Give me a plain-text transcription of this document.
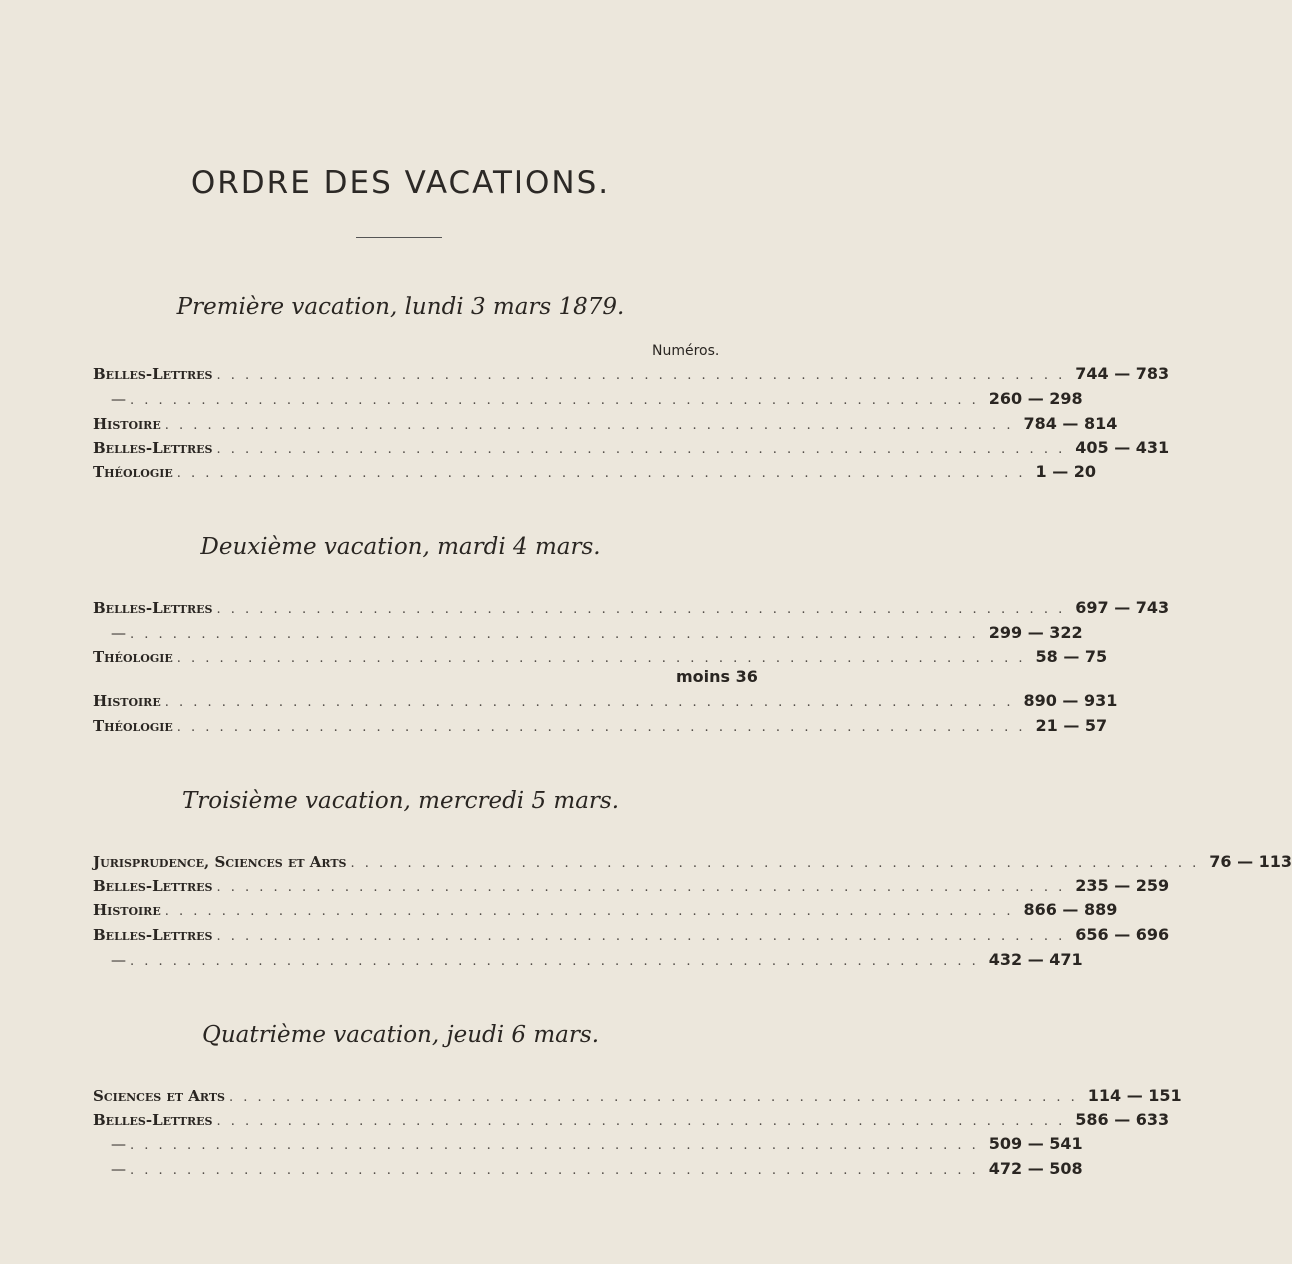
ORDRE DES VACATIONS.
Première vacation, lundi 3 mars 1879.
Numéros.
Belles-Lettres . . . . . . . . . . . . . . . . . . . . . . . . . . . . . . . . . . . . . . . . . . . . . . . . . . . . . . . . . . . . 744 — 783
— . . . . . . . . . . . . . . . . . . . . . . . . . . . . . . . . . . . . . . . . . . . . . . . . . . . . . . . . . . . . 260 — 298
Histoire . . . . . . . . . . . . . . . . . . . . . . . . . . . . . . . . . . . . . . . . . . . . . . . . . . . . . . . . . . . . 784 — 814
Belles-Lettres . . . . . . . . . . . . . . . . . . . . . . . . . . . . . . . . . . . . . . . . . . . . . . . . . . . . . . . . . . . . 405 — 431
Théologie . . . . . . . . . . . . . . . . . . . . . . . . . . . . . . . . . . . . . . . . . . . . . . . . . . . . . . . . . . . . 1 — 20
Deuxième vacation, mardi 4 mars.
Belles-Lettres . . . . . . . . . . . . . . . . . . . . . . . . . . . . . . . . . . . . . . . . . . . . . . . . . . . . . . . . . . . . 697 — 743
— . . . . . . . . . . . . . . . . . . . . . . . . . . . . . . . . . . . . . . . . . . . . . . . . . . . . . . . . . . . . 299 — 322
Théologie . . . . . . . . . . . . . . . . . . . . . . . . . . . . . . . . . . . . . . . . . . . . . . . . . . . . . . . . . . . . 58 — 75
moins 36
Histoire . . . . . . . . . . . . . . . . . . . . . . . . . . . . . . . . . . . . . . . . . . . . . . . . . . . . . . . . . . . . 890 — 931
Théologie . . . . . . . . . . . . . . . . . . . . . . . . . . . . . . . . . . . . . . . . . . . . . . . . . . . . . . . . . . . . 21 — 57
Troisième vacation, mercredi 5 mars.
Jurisprudence, Sciences et Arts . . . . . . . . . . . . . . . . . . . . . . . . . . . . . . . . . . . . . . . . . . . . . . . . . . . . . . . . . . . . 76 — 113
Belles-Lettres . . . . . . . . . . . . . . . . . . . . . . . . . . . . . . . . . . . . . . . . . . . . . . . . . . . . . . . . . . . . 235 — 259
Histoire . . . . . . . . . . . . . . . . . . . . . . . . . . . . . . . . . . . . . . . . . . . . . . . . . . . . . . . . . . . . 866 — 889
Belles-Lettres . . . . . . . . . . . . . . . . . . . . . . . . . . . . . . . . . . . . . . . . . . . . . . . . . . . . . . . . . . . . 656 — 696
— . . . . . . . . . . . . . . . . . . . . . . . . . . . . . . . . . . . . . . . . . . . . . . . . . . . . . . . . . . . . 432 — 471
Quatrième vacation, jeudi 6 mars.
Sciences et Arts . . . . . . . . . . . . . . . . . . . . . . . . . . . . . . . . . . . . . . . . . . . . . . . . . . . . . . . . . . . . 114 — 151
Belles-Lettres . . . . . . . . . . . . . . . . . . . . . . . . . . . . . . . . . . . . . . . . . . . . . . . . . . . . . . . . . . . . 586 — 633
— . . . . . . . . . . . . . . . . . . . . . . . . . . . . . . . . . . . . . . . . . . . . . . . . . . . . . . . . . . . . 509 — 541
— . . . . . . . . . . . . . . . . . . . . . . . . . . . . . . . . . . . . . . . . . . . . . . . . . . . . . . . . . . . . 472 — 508
